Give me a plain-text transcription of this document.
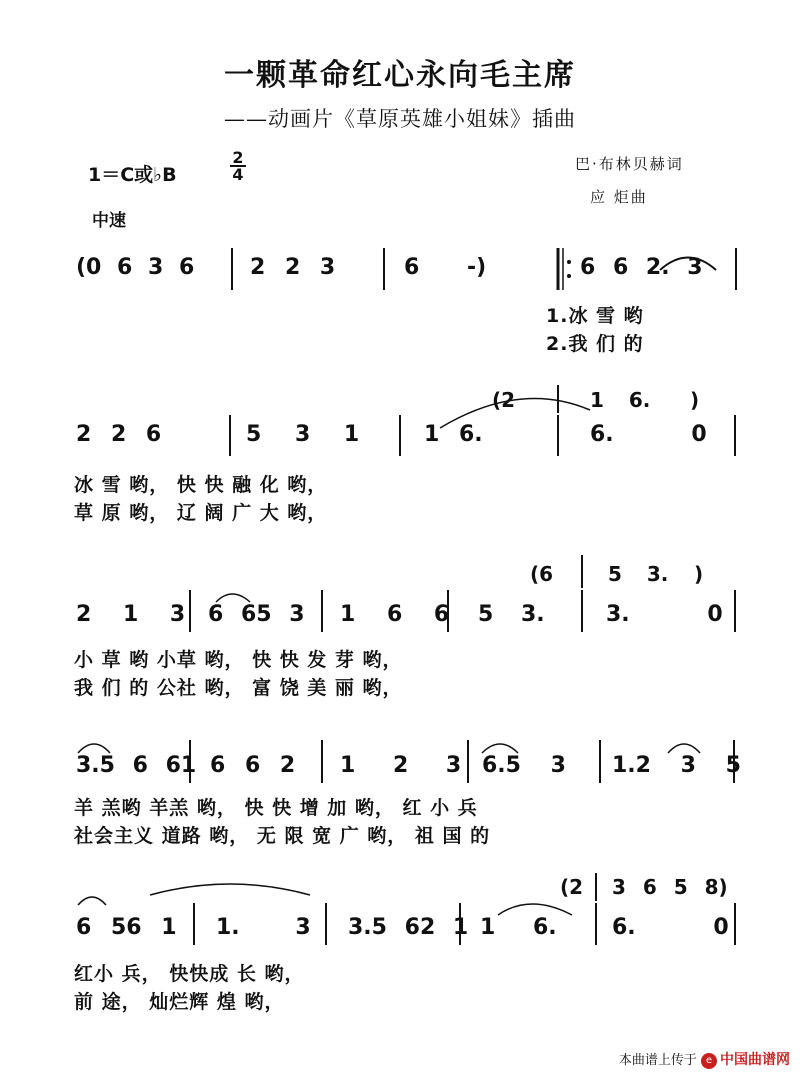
一颗革命红心永向毛主席
——动画片《草原英雄小姐妹》插曲
1＝C或♭B
2
4
巴·布林贝赫词
应 炬曲
中速
(0 6 3 6	2 2 3	6 -)	6 6 2. 3
1.冰 雪 哟
2.我 们 的
(2	1 6. )
2 2 6	5 3 1	1 6.	6. 0
冰 雪 哟， 快 快 融 化 哟，
草 原 哟， 辽 阔 广 大 哟，
(6	5 3. )
2 1 3 6 65 3 1 6 6 5 3.	3. 0
小 草 哟 小草 哟， 快 快 发 芽 哟，
我 们 的 公社 哟， 富 饶 美 丽 哟，
3.5 6 61 6 6 2 1 2 3 6.5 3 1.2 3 5
羊 羔哟 羊羔 哟， 快 快 增 加 哟， 红 小 兵
社会主义 道路 哟， 无 限 宽 广 哟， 祖 国 的
(2 3 6 5 8)
6 56 1 1. 3 3.5 62 1 1 6.	6. 0
红小 兵， 快快成 长 哟，
前 途， 灿烂辉 煌 哟，
本曲谱上传于 e 中国曲谱网
